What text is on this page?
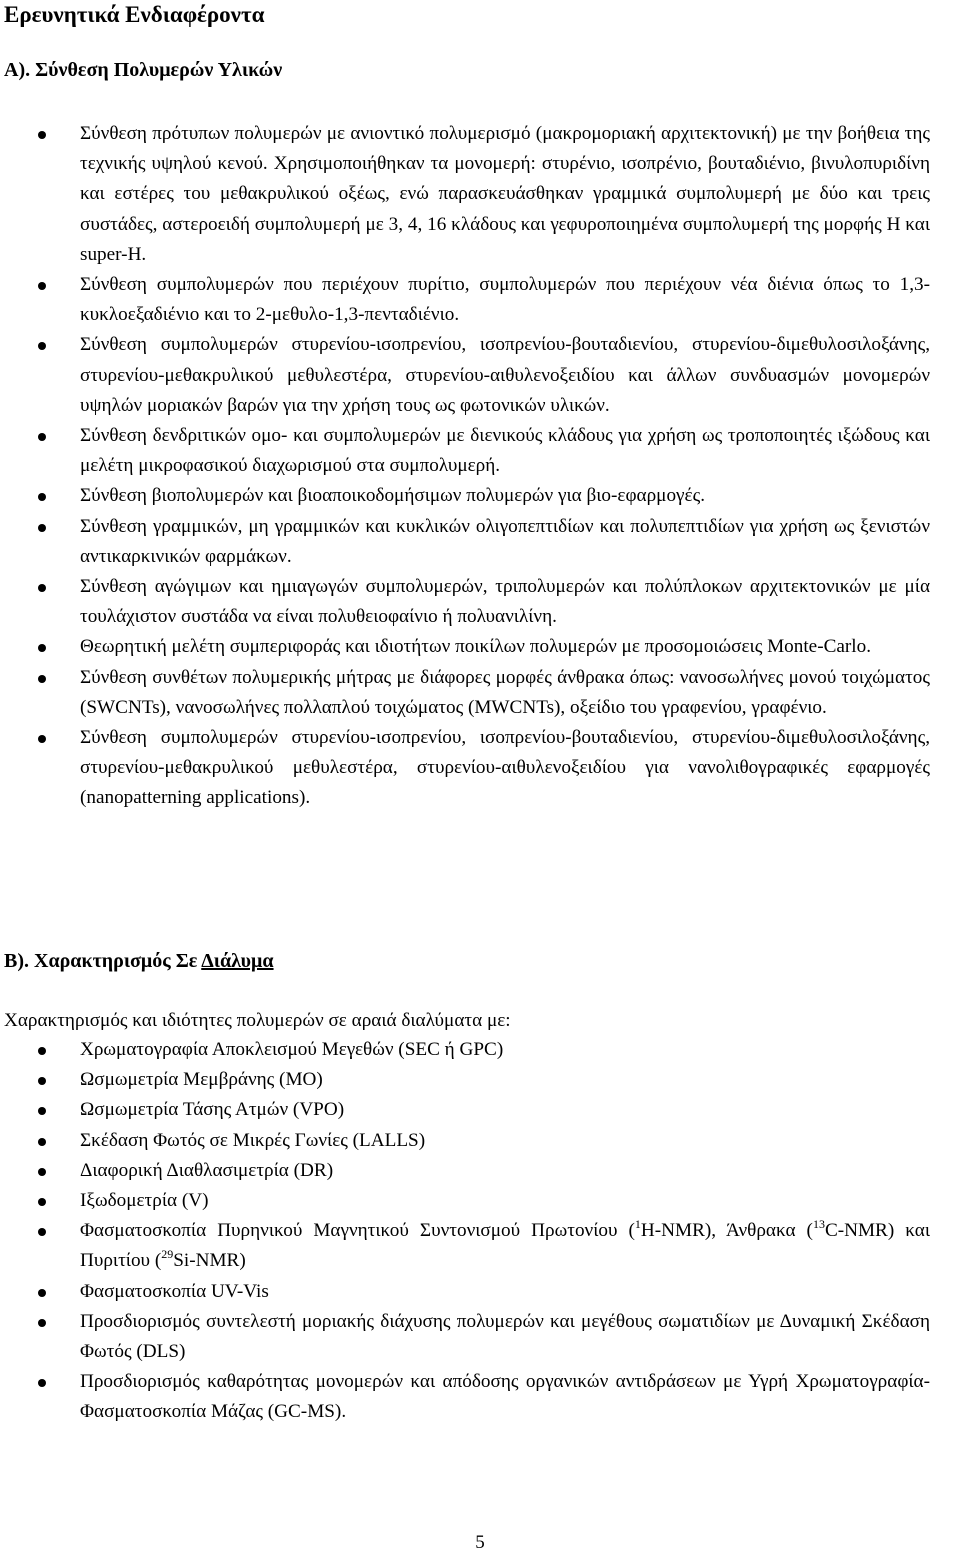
Ερευνητικά Ενδιαφέροντα
A). Σύνθεση Πολυμερών Υλικών
Σύνθεση πρότυπων πολυμερών με ανιοντικό πολυμερισμό (μακρομοριακή αρχιτεκτονική) με την βοήθεια της τεχνικής υψηλού κενού. Χρησιμοποιήθηκαν τα μονομερή: στυρένιο, ισοπρένιο, βουταδιένιο, βινυλοπυριδίνη και εστέρες του μεθακρυλικού οξέως, ενώ παρασκευάσθηκαν γραμμικά συμπολυμερή με δύο και τρεις συστάδες, αστεροειδή συμπολυμερή με 3, 4, 16 κλάδους και γεφυροποιημένα συμπολυμερή της μορφής H και super-H.
Σύνθεση συμπολυμερών που περιέχουν πυρίτιο, συμπολυμερών που περιέχουν νέα διένια όπως το 1,3-κυκλοεξαδιένιο και το 2-μεθυλο-1,3-πενταδιένιο.
Σύνθεση συμπολυμερών στυρενίου-ισοπρενίου, ισοπρενίου-βουταδιενίου, στυρενίου-διμεθυλοσιλοξάνης, στυρενίου-μεθακρυλικού μεθυλεστέρα, στυρενίου-αιθυλενοξειδίου και άλλων συνδυασμών μονομερών υψηλών μοριακών βαρών για την χρήση τους ως φωτονικών υλικών.
Σύνθεση δενδριτικών ομο- και συμπολυμερών με διενικούς κλάδους για χρήση ως τροποποιητές ιξώδους και μελέτη μικροφασικού διαχωρισμού στα συμπολυμερή.
Σύνθεση βιοπολυμερών και βιοαποικοδομήσιμων πολυμερών για βιο-εφαρμογές.
Σύνθεση γραμμικών, μη γραμμικών και κυκλικών ολιγοπεπτιδίων και πολυπεπτιδίων για χρήση ως ξενιστών αντικαρκινικών φαρμάκων.
Σύνθεση αγώγιμων και ημιαγωγών συμπολυμερών, τριπολυμερών και πολύπλοκων αρχιτεκτονικών με μία τουλάχιστον συστάδα να είναι πολυθειοφαίνιο ή πολυανιλίνη.
Θεωρητική μελέτη συμπεριφοράς και ιδιοτήτων ποικίλων πολυμερών με προσομοιώσεις Monte-Carlo.
Σύνθεση συνθέτων πολυμερικής μήτρας με διάφορες μορφές άνθρακα όπως: νανοσωλήνες μονού τοιχώματος (SWCNTs), νανοσωλήνες πολλαπλού τοιχώματος (MWCNTs), οξείδιο του γραφενίου, γραφένιο.
Σύνθεση συμπολυμερών στυρενίου-ισοπρενίου, ισοπρενίου-βουταδιενίου, στυρενίου-διμεθυλοσιλοξάνης, στυρενίου-μεθακρυλικού μεθυλεστέρα, στυρενίου-αιθυλενοξειδίου για νανολιθογραφικές εφαρμογές (nanopatterning applications).
B). Χαρακτηρισμός Σε Διάλυμα

Χαρακτηρισμός και ιδιότητες πολυμερών σε αραιά διαλύματα με:

Χρωματογραφία Αποκλεισμού Μεγεθών (SEC ή GPC)
Ωσμωμετρία Μεμβράνης (MO)
Ωσμωμετρία Τάσης Ατμών (VPO)
Σκέδαση Φωτός σε Μικρές Γωνίες (LALLS)
Διαφορική Διαθλασιμετρία (DR)
Ιξωδομετρία (V)
Φασματοσκοπία Πυρηνικού Μαγνητικού Συντονισμού Πρωτονίου ($^1$H-NMR), Άνθρακα ($^{13}$C-NMR) και Πυριτίου ($^{29}$Si-NMR)
Φασματοσκοπία UV-Vis
Προσδιορισμός συντελεστή μοριακής διάχυσης πολυμερών και μεγέθους σωματιδίων με Δυναμική Σκέδαση Φωτός (DLS)
Προσδιορισμός καθαρότητας μονομερών και απόδοσης οργανικών αντιδράσεων με Υγρή Χρωματογραφία-Φασματοσκοπία Μάζας (GC-MS).

5
